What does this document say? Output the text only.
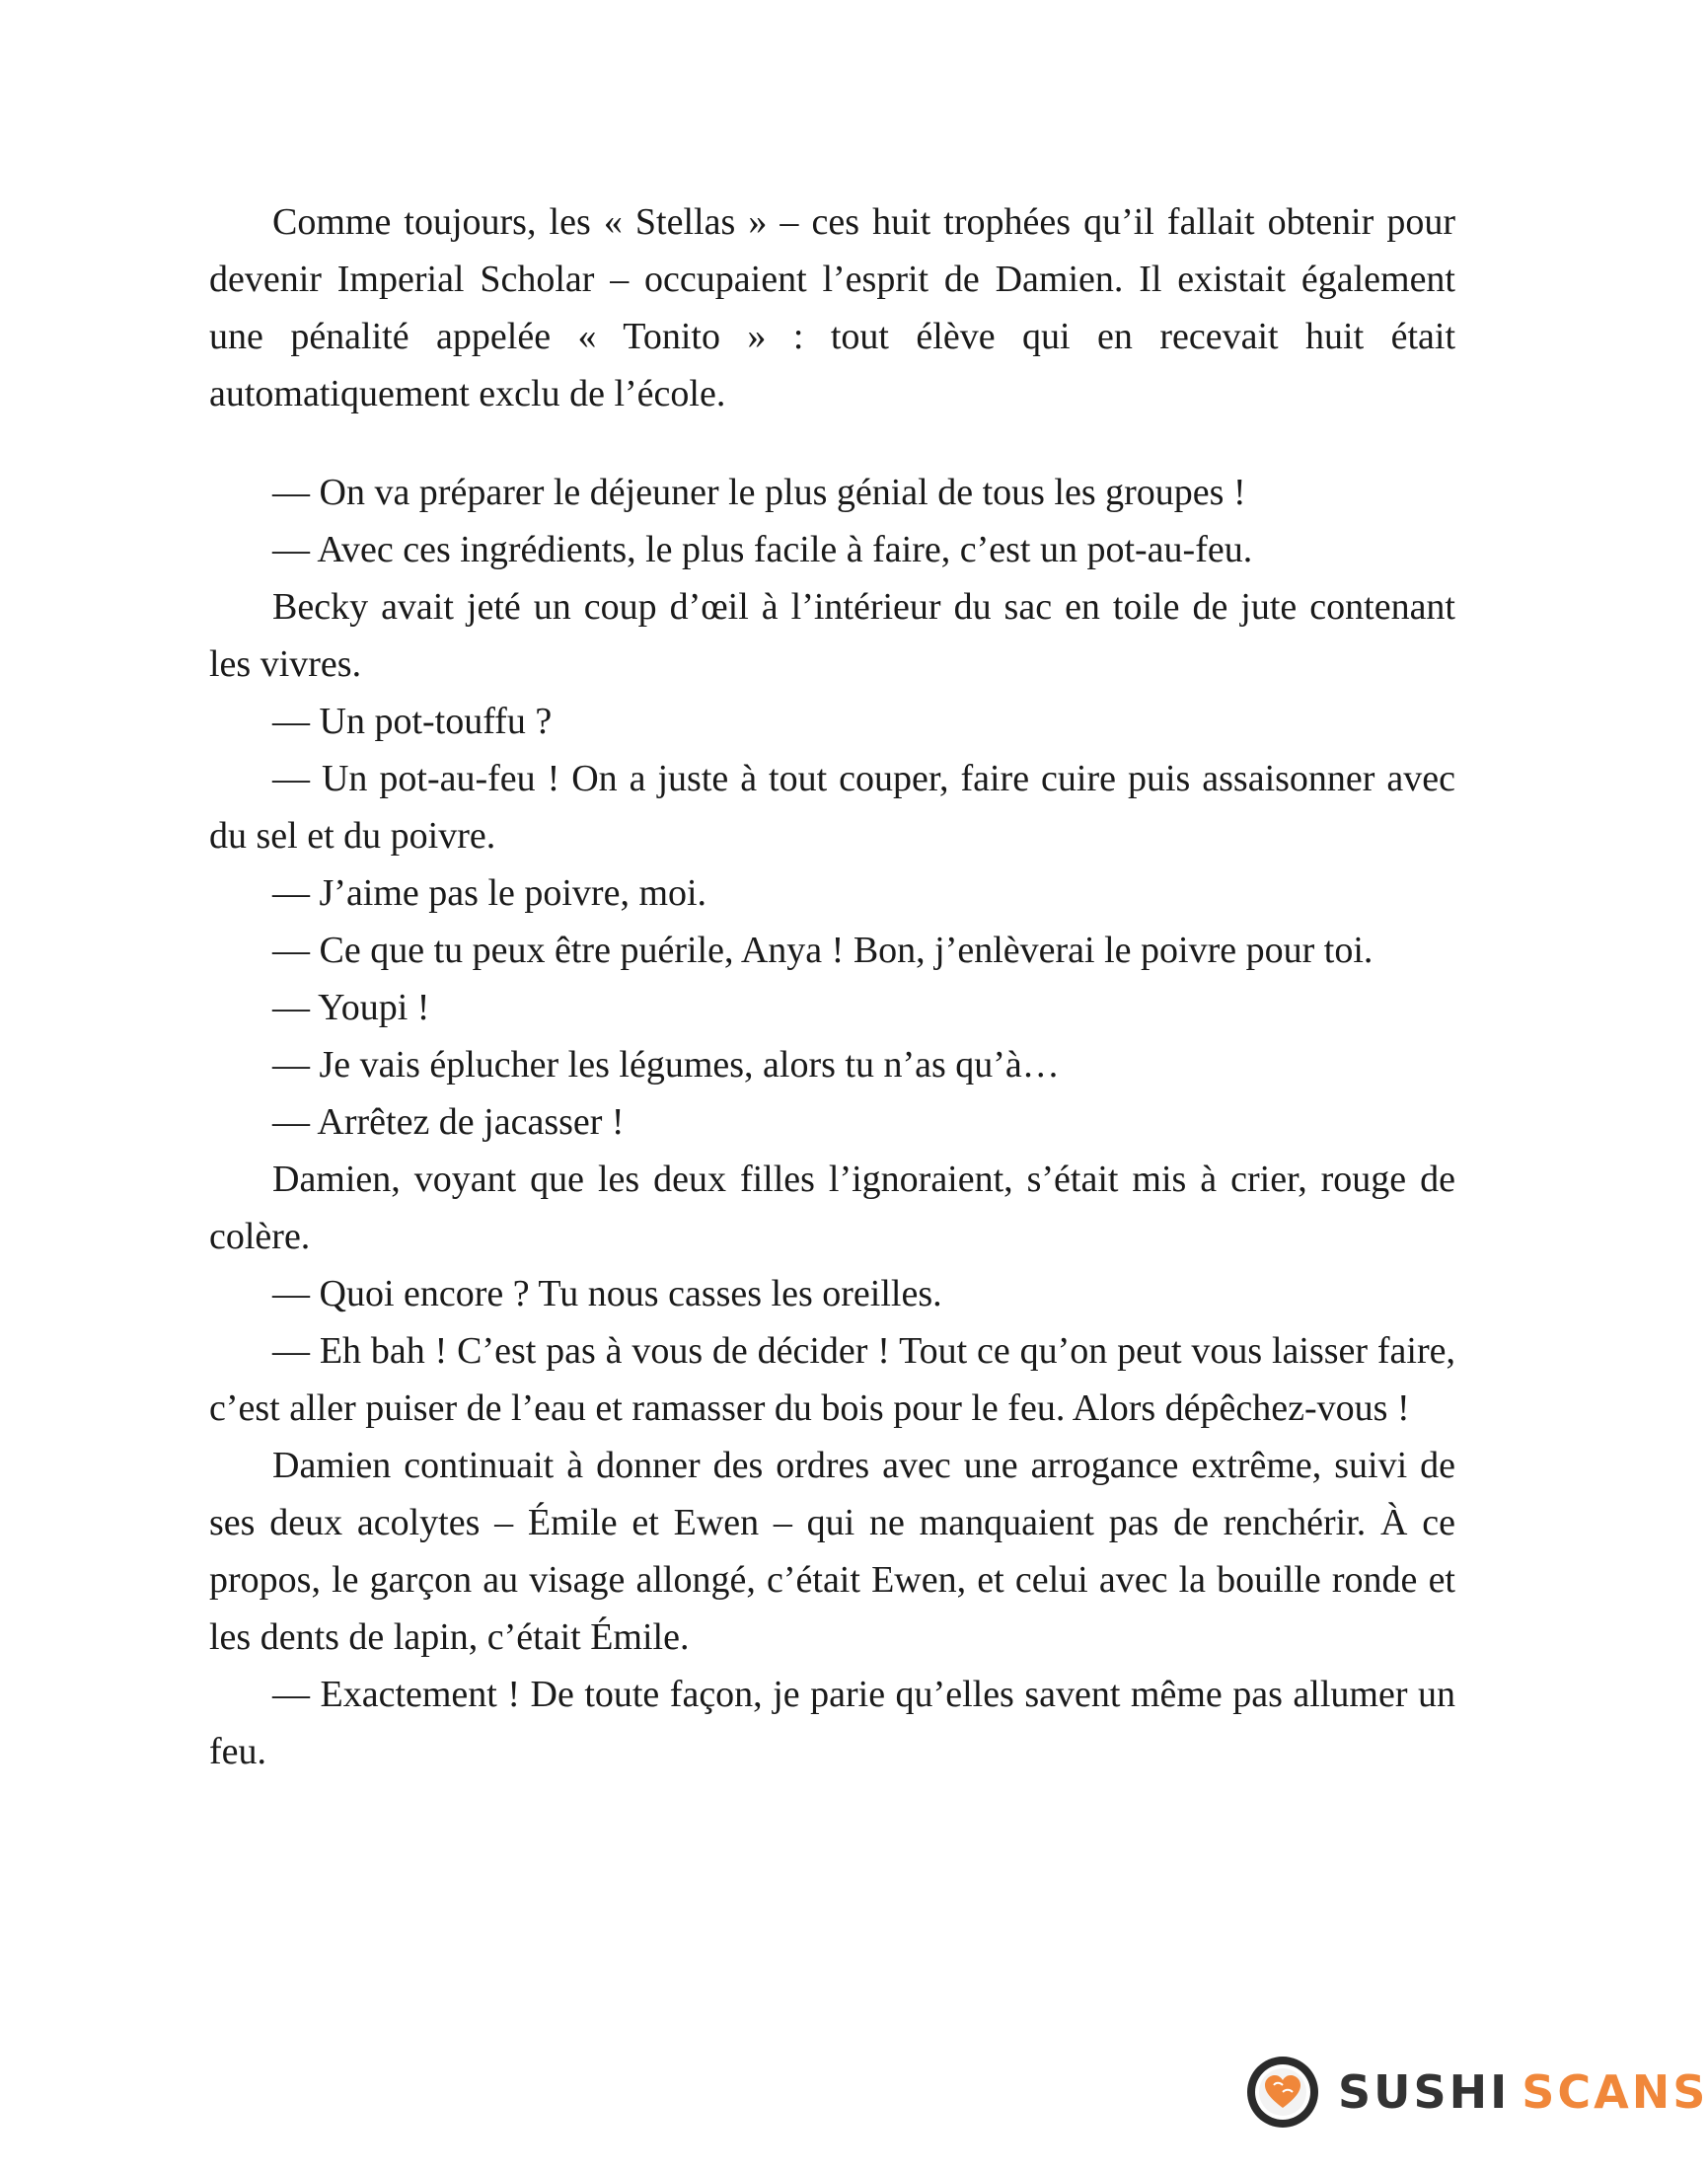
Comme toujours, les « Stellas » – ces huit trophées qu’il fallait obtenir pour devenir Imperial Scholar – occupaient l’esprit de Damien. Il existait également une pénalité appelée « Tonito » : tout élève qui en recevait huit était automatiquement exclu de l’école.

— On va préparer le déjeuner le plus génial de tous les groupes !

— Avec ces ingrédients, le plus facile à faire, c’est un pot-au-feu.

Becky avait jeté un coup d’œil à l’intérieur du sac en toile de jute contenant les vivres.

— Un pot-touffu ?

— Un pot-au-feu ! On a juste à tout couper, faire cuire puis assaisonner avec du sel et du poivre.

— J’aime pas le poivre, moi.

— Ce que tu peux être puérile, Anya ! Bon, j’enlèverai le poivre pour toi.

— Youpi !

— Je vais éplucher les légumes, alors tu n’as qu’à…

— Arrêtez de jacasser !

Damien, voyant que les deux filles l’ignoraient, s’était mis à crier, rouge de colère.

— Quoi encore ? Tu nous casses les oreilles.

— Eh bah ! C’est pas à vous de décider ! Tout ce qu’on peut vous laisser faire, c’est aller puiser de l’eau et ramasser du bois pour le feu. Alors dépêchez-vous !

Damien continuait à donner des ordres avec une arrogance extrême, suivi de ses deux acolytes – Émile et Ewen – qui ne manquaient pas de renchérir. À ce propos, le garçon au visage allongé, c’était Ewen, et celui avec la bouille ronde et les dents de lapin, c’était Émile.

— Exactement ! De toute façon, je parie qu’elles savent même pas allumer un feu.

SUSHI SCANS
